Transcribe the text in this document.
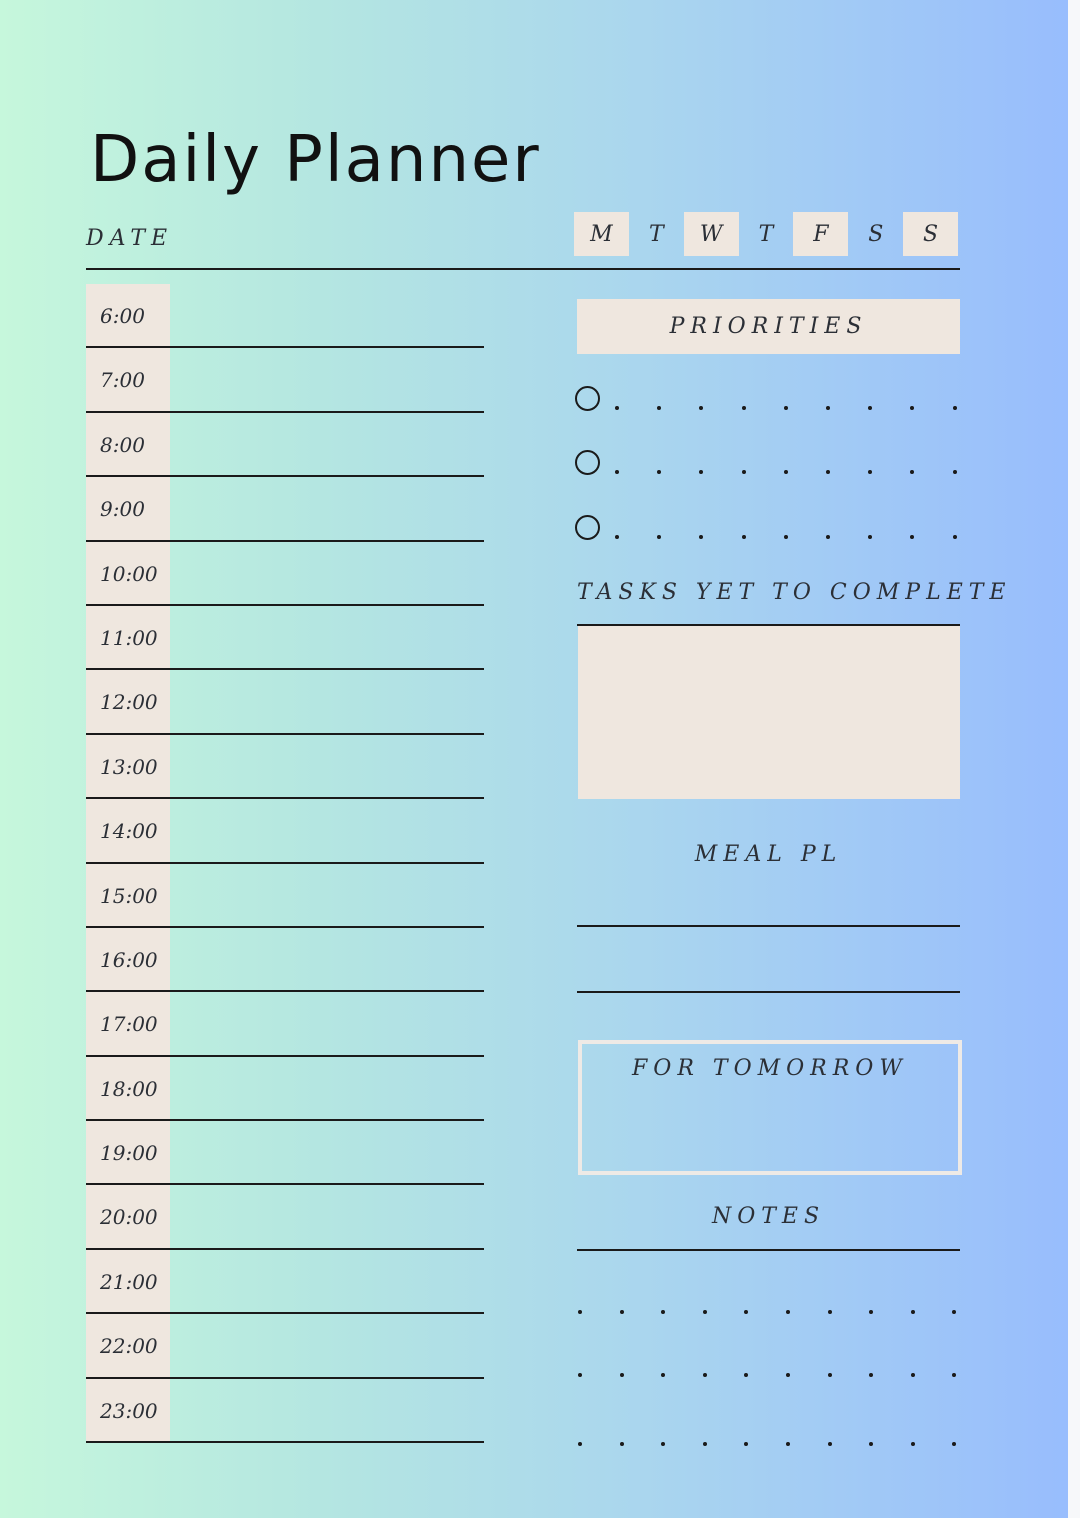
Daily Planner
DATE	M	T	W	T	F	S	S
6:00
7:00
8:00
9:00
10:00
11:00
12:00
13:00
14:00
15:00
16:00
17:00
18:00
19:00
20:00
21:00
22:00
23:00
PRIORITIES
TASKS YET TO COMPLETE
MEAL PL
FOR TOMORROW
NOTES
